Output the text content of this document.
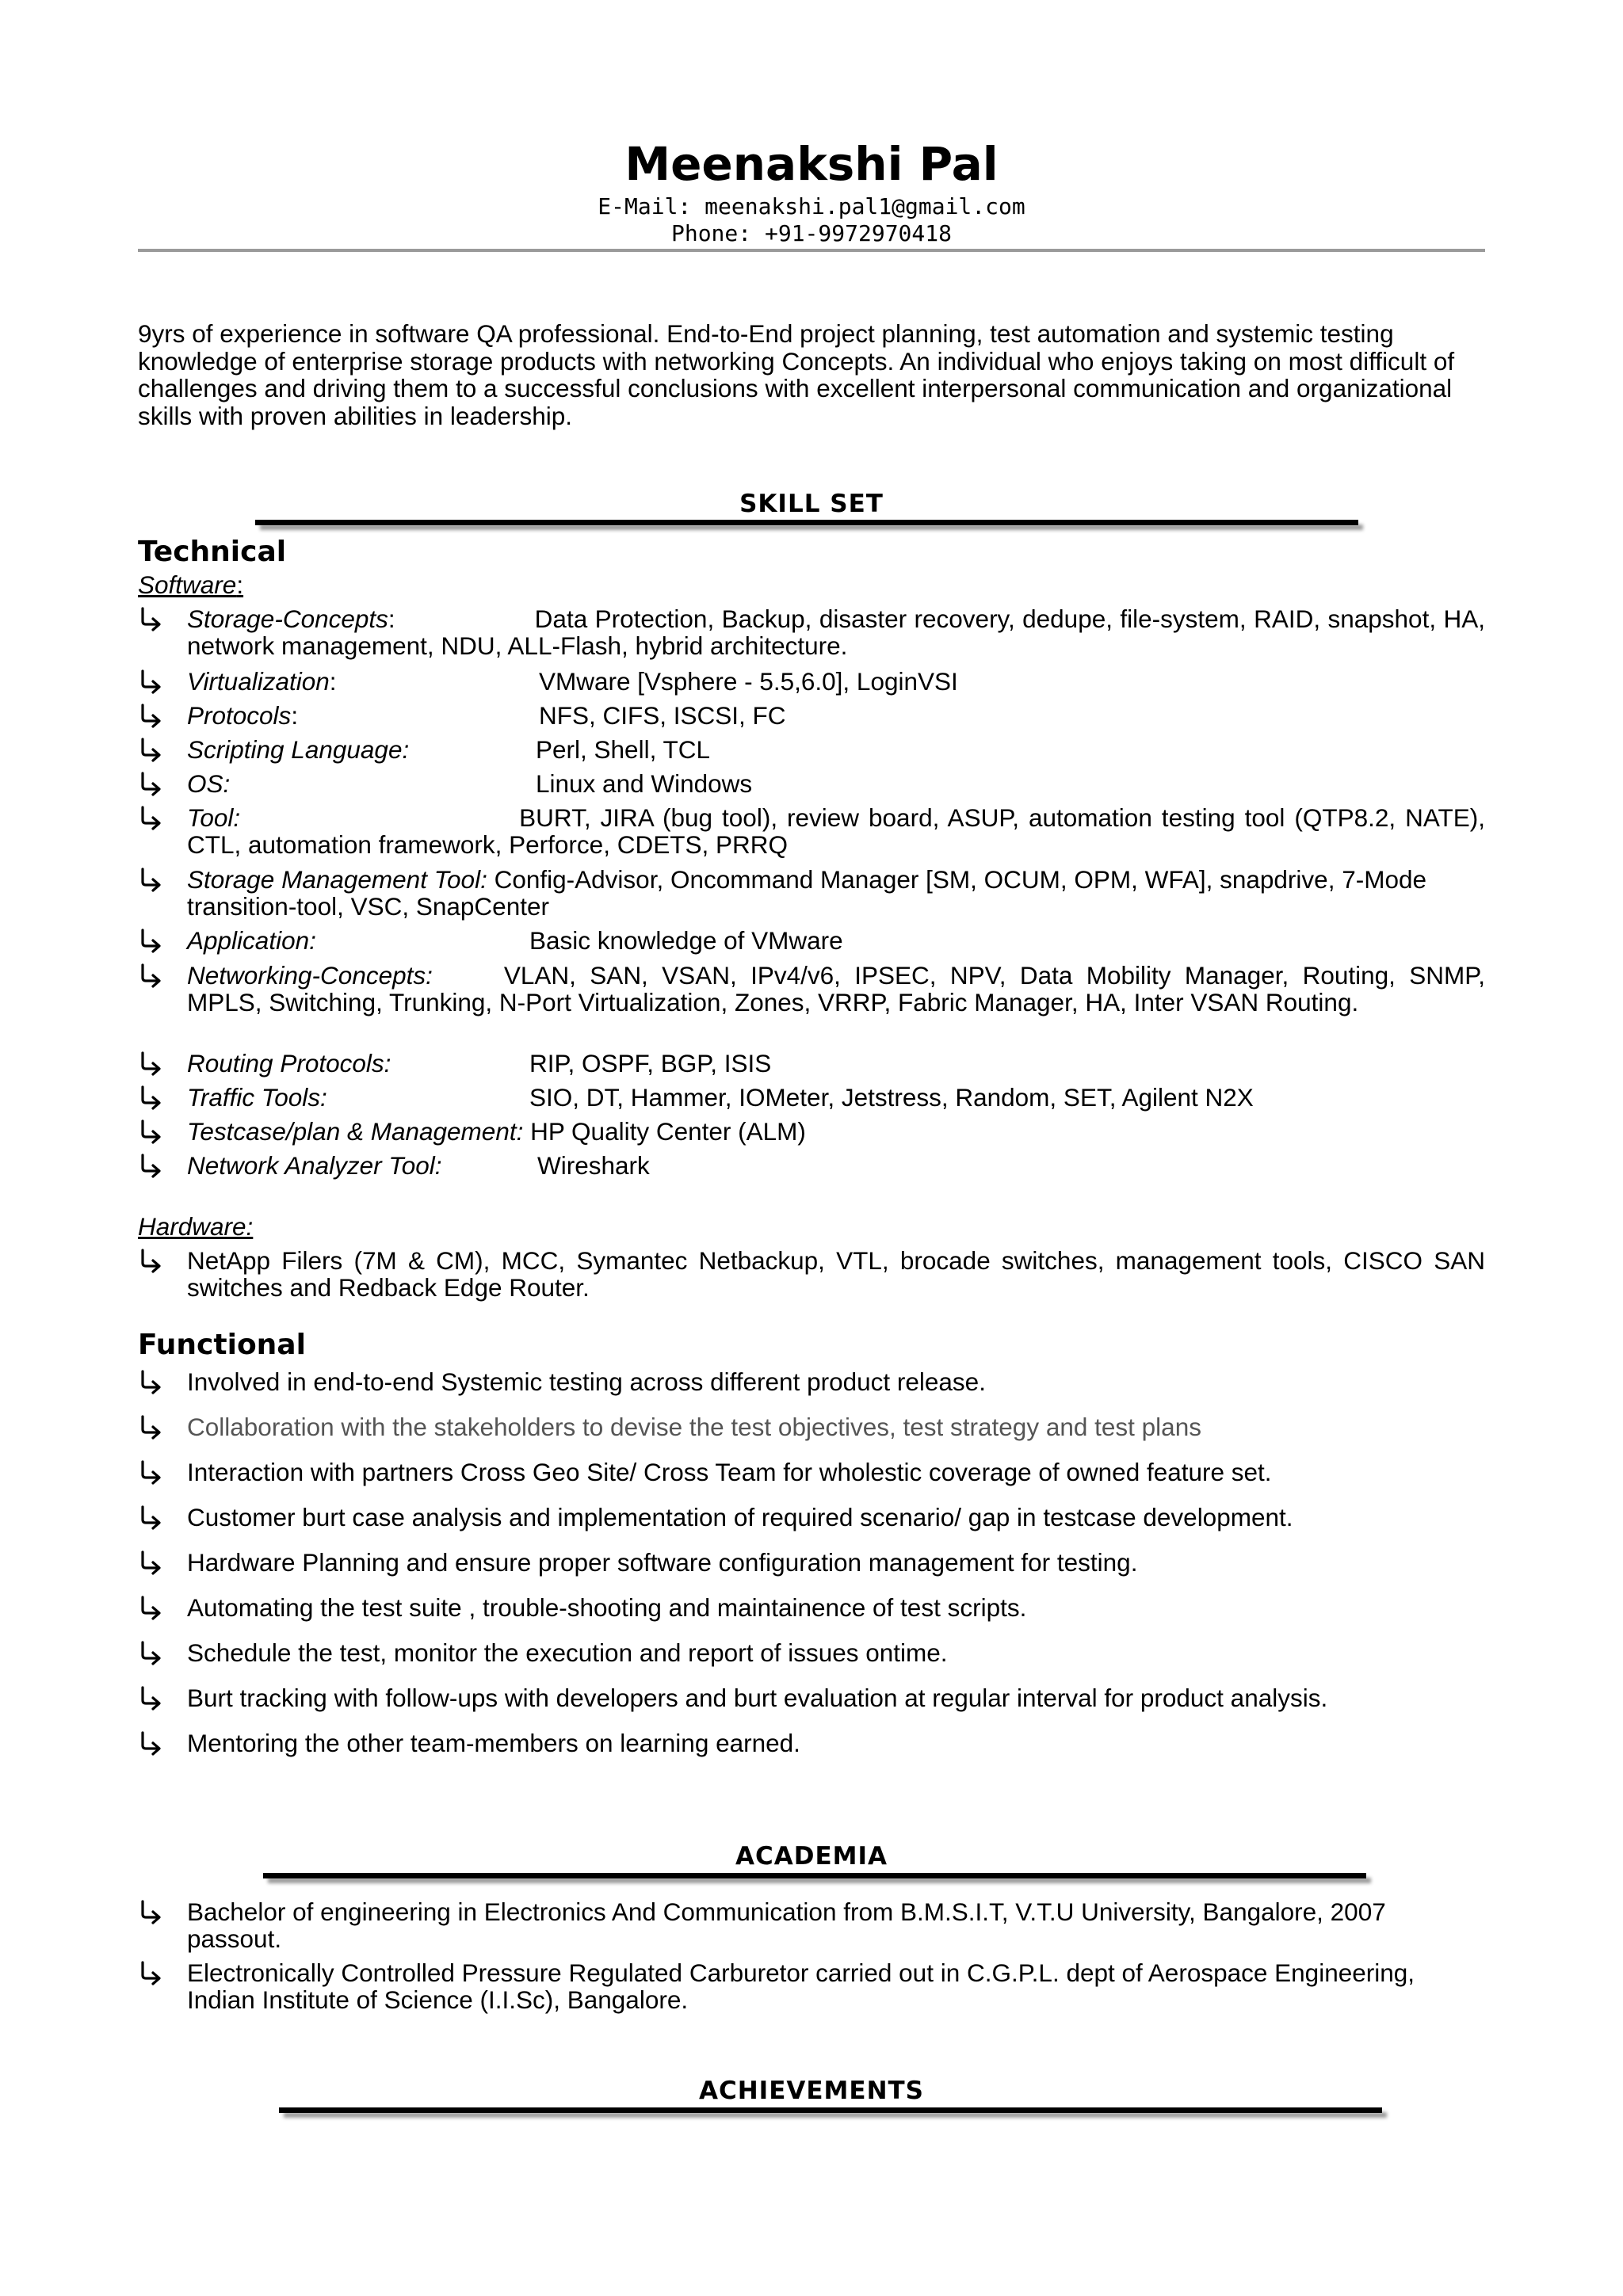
Meenakshi Pal
E-Mail: meenakshi.pal1@gmail.com
Phone: +91-9972970418
9yrs of experience in software QA professional. End-to-End project planning, test automation and systemic testing knowledge of enterprise storage products with networking Concepts. An individual who enjoys taking on most difficult of challenges and driving them to a successful conclusions with excellent interpersonal communication and organizational skills with proven abilities in leadership.
SKILL SET
Technical
Software:
Storage-Concepts:	Data Protection, Backup, disaster recovery, dedupe, file-system, RAID, snapshot, HA, network management, NDU, ALL-Flash, hybrid architecture.
Virtualization:	VMware [Vsphere - 5.5,6.0], LoginVSI
Protocols:	NFS, CIFS, ISCSI, FC
Scripting Language:	Perl, Shell, TCL
OS:	Linux and Windows
Tool:	BURT, JIRA (bug tool), review board, ASUP, automation testing tool (QTP8.2, NATE), CTL, automation framework, Perforce, CDETS, PRRQ
Storage Management Tool: Config-Advisor, Oncommand Manager [SM, OCUM, OPM, WFA], snapdrive, 7-Mode transition-tool, VSC, SnapCenter
Application:	Basic knowledge of VMware
Networking-Concepts:	VLAN, SAN, VSAN, IPv4/v6, IPSEC, NPV, Data Mobility Manager, Routing, SNMP, MPLS, Switching, Trunking, N-Port Virtualization, Zones, VRRP, Fabric Manager, HA, Inter VSAN Routing.
Routing Protocols:	RIP, OSPF, BGP, ISIS
Traffic Tools:	SIO, DT, Hammer, IOMeter, Jetstress, Random, SET, Agilent N2X
Testcase/plan & Management: HP Quality Center (ALM)
Network Analyzer Tool:	Wireshark
Hardware:
NetApp Filers (7M & CM), MCC, Symantec Netbackup, VTL, brocade switches, management tools, CISCO SAN switches and Redback Edge Router.
Functional
Involved in end-to-end Systemic testing across different product release.
Collaboration with the stakeholders to devise the test objectives, test strategy and test plans
Interaction with partners Cross Geo Site/ Cross Team for wholestic coverage of owned feature set.
Customer burt case analysis and implementation of required scenario/ gap in testcase development.
Hardware Planning and ensure proper software configuration management for testing.
Automating the test suite , trouble-shooting and maintainence of test scripts.
Schedule the test, monitor the execution and report of issues ontime.
Burt tracking with follow-ups with developers and burt evaluation at regular interval for product analysis.
Mentoring the other team-members on learning earned.
ACADEMIA
Bachelor of engineering in Electronics And Communication from B.M.S.I.T, V.T.U University, Bangalore, 2007 passout.
Electronically Controlled Pressure Regulated Carburetor carried out in C.G.P.L. dept of Aerospace Engineering, Indian Institute of Science (I.I.Sc), Bangalore.
ACHIEVEMENTS
